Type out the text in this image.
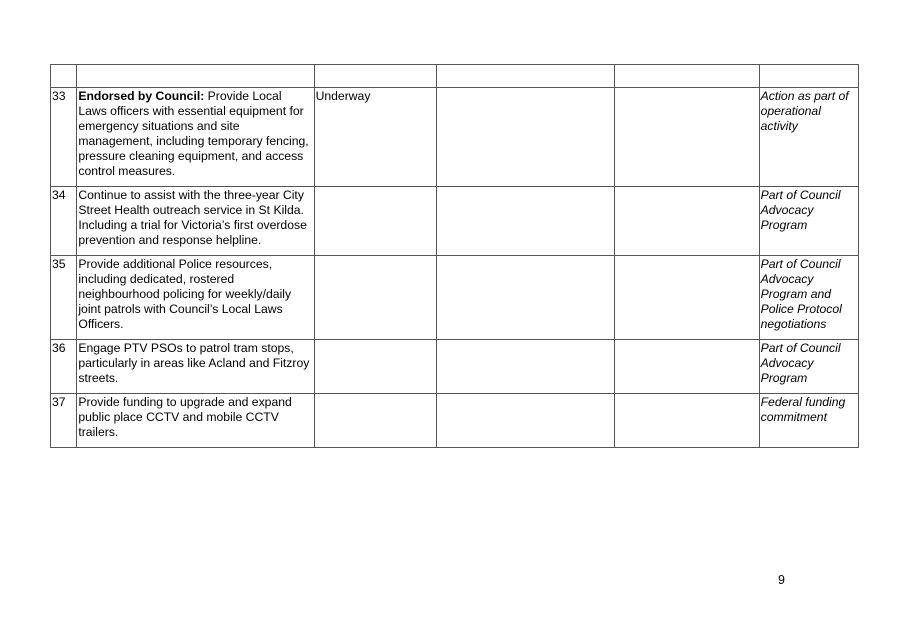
33	Endorsed by Council: Provide Local Laws officers with essential equipment for emergency situations and site management, including temporary fencing, pressure cleaning equipment, and access control measures.	Underway			Action as part of operational activity
34	Continue to assist with the three-year City Street Health outreach service in St Kilda. Including a trial for Victoria’s first overdose prevention and response helpline.				Part of Council Advocacy Program
35	Provide additional Police resources, including dedicated, rostered neighbourhood policing for weekly/daily joint patrols with Council’s Local Laws Officers.				Part of Council Advocacy Program and Police Protocol negotiations
36	Engage PTV PSOs to patrol tram stops, particularly in areas like Acland and Fitzroy streets.				Part of Council Advocacy Program
37	Provide funding to upgrade and expand public place CCTV and mobile CCTV trailers.				Federal funding commitment
9
